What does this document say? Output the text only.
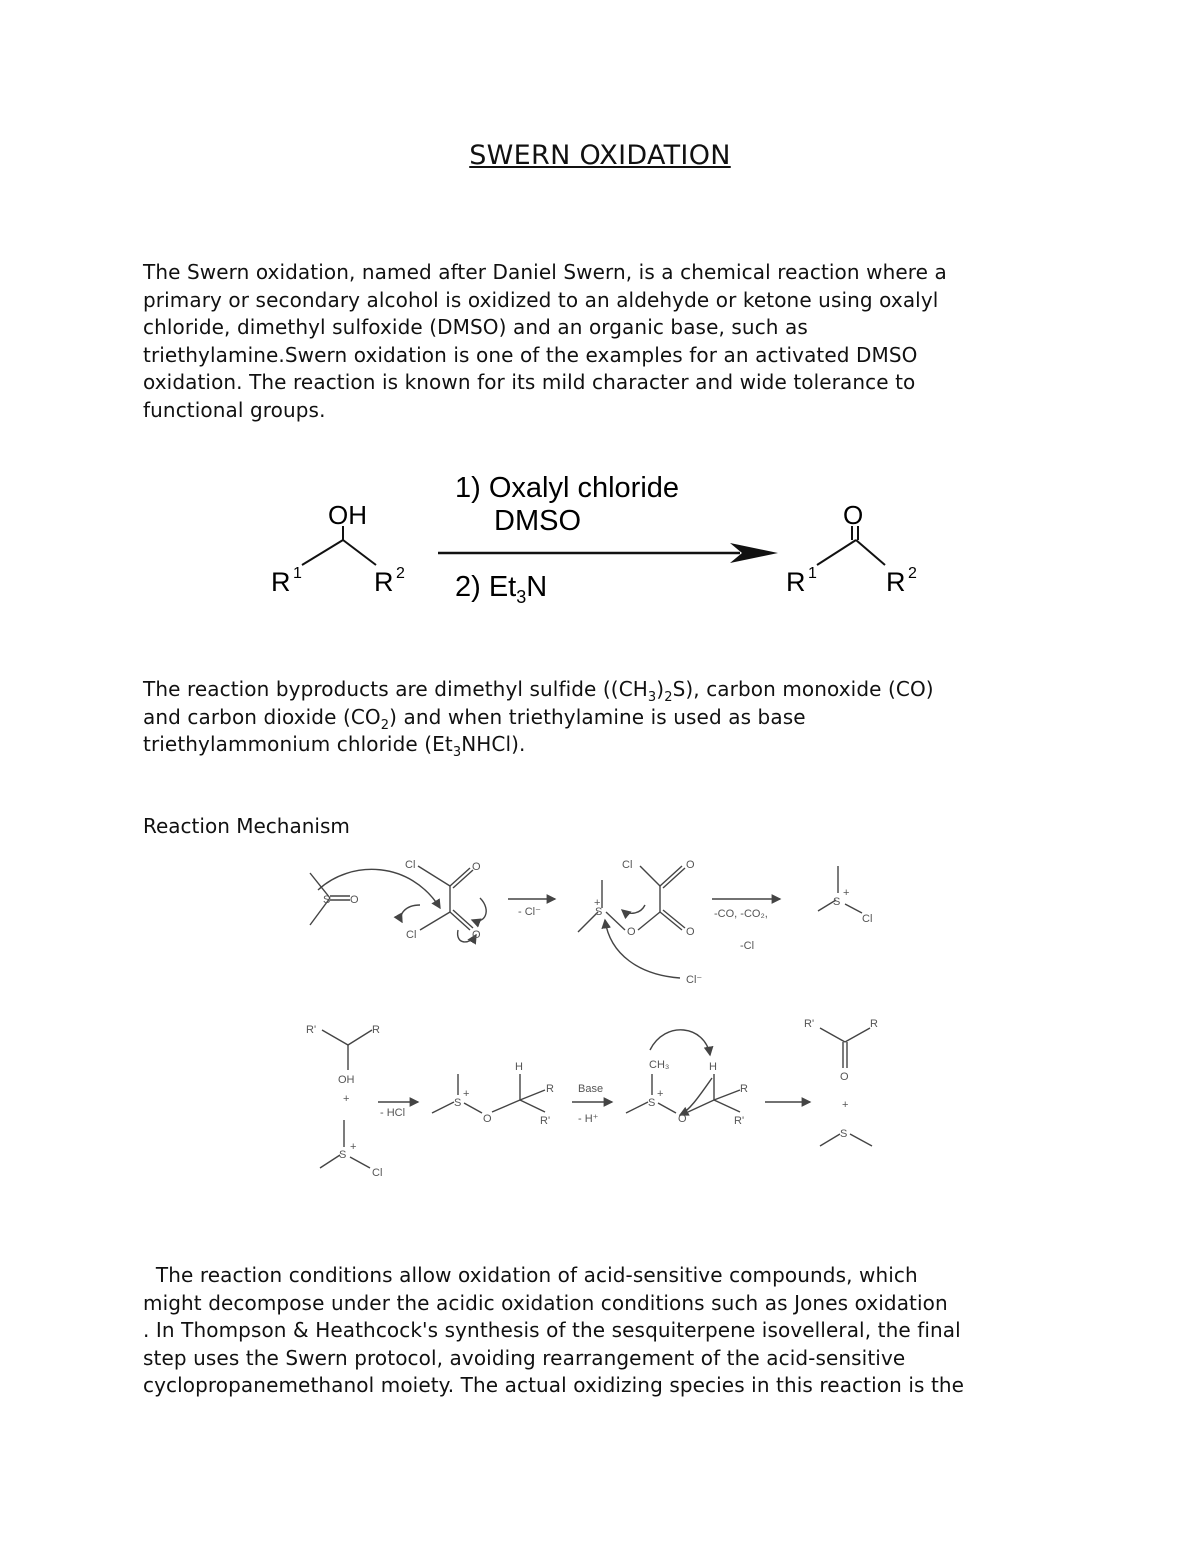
SWERN OXIDATION
The Swern oxidation, named after Daniel Swern, is a chemical reaction where a
primary or secondary alcohol is oxidized to an aldehyde or ketone using oxalyl
chloride, dimethyl sulfoxide (DMSO) and an organic base, such as
triethylamine.Swern oxidation is one of the examples for an activated DMSO
oxidation. The reaction is known for its mild character and wide tolerance to
functional groups.
OH
R 1	R 2
1) Oxalyl chloride
DMSO
2) $Et_3N$
O
R 1	R 2
The reaction byproducts are dimethyl sulfide $((CH_3)_2S)$, carbon monoxide (CO)
and carbon dioxide $(CO_2)$ and when triethylamine is used as base
triethylammonium chloride $(Et_3NHCl)$.
Reaction Mechanism
O
S
Cl	O
Cl	O
- Cl⁻	S
+
O
Cl	O
O
Cl⁻
-CO, -CO₂,
-Cl
S
+
Cl
R'	R
OH
+
S
+
Cl
- HCl
S
+
O
H
R
R'
Base
- H⁺
CH₃
S
+
O
H
R
R'
R'	R
O
+
S
The reaction conditions allow oxidation of acid-sensitive compounds, which
might decompose under the acidic oxidation conditions such as Jones oxidation
. In Thompson & Heathcock's synthesis of the sesquiterpene isovelleral, the final
step uses the Swern protocol, avoiding rearrangement of the acid-sensitive
cyclopropanemethanol moiety. The actual oxidizing species in this reaction is the
